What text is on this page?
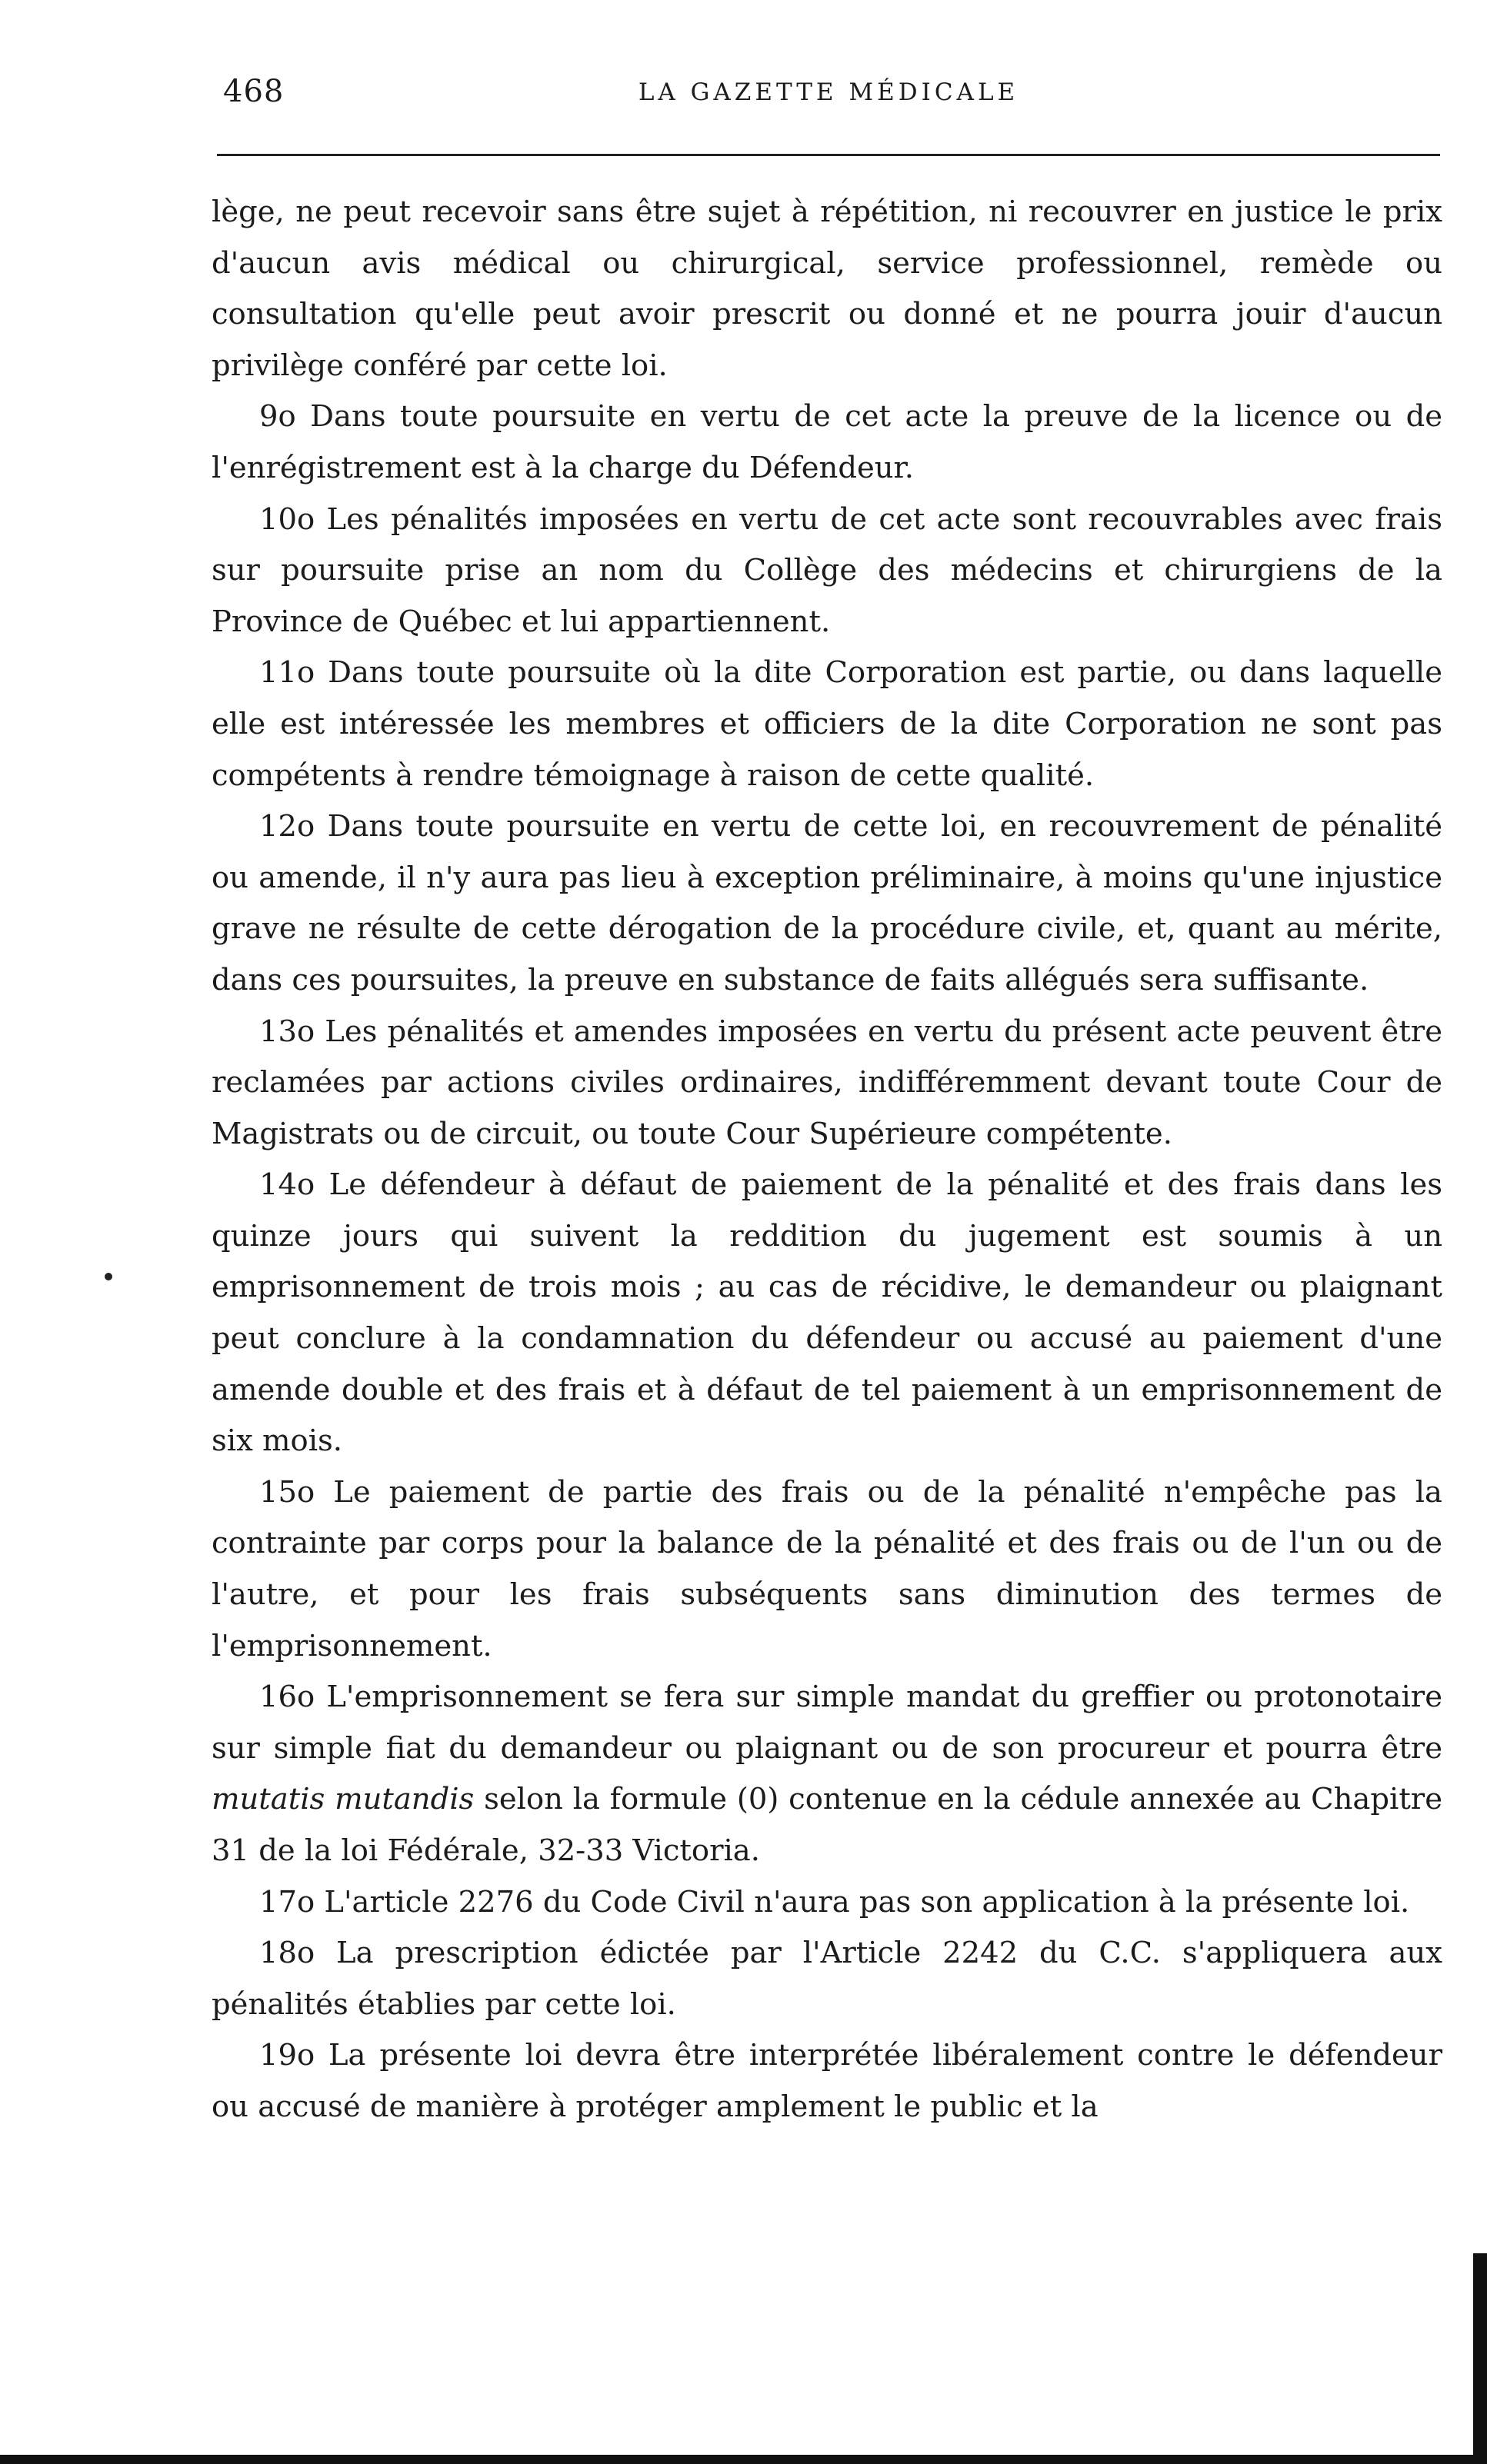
468	LA GAZETTE MÉDICALE

lège, ne peut recevoir sans être sujet à répétition, ni recouvrer en justice le prix d'aucun avis médical ou chirurgical, service professionnel, remède ou consultation qu'elle peut avoir prescrit ou donné et ne pourra jouir d'aucun privilège conféré par cette loi.

9o Dans toute poursuite en vertu de cet acte la preuve de la licence ou de l'enrégistrement est à la charge du Défendeur.

10o Les pénalités imposées en vertu de cet acte sont recouvrables avec frais sur poursuite prise an nom du Collège des médecins et chirurgiens de la Province de Québec et lui appartiennent.

11o Dans toute poursuite où la dite Corporation est partie, ou dans laquelle elle est intéressée les membres et officiers de la dite Corporation ne sont pas compétents à rendre témoignage à raison de cette qualité.

12o Dans toute poursuite en vertu de cette loi, en recouvrement de pénalité ou amende, il n'y aura pas lieu à exception préliminaire, à moins qu'une injustice grave ne résulte de cette dérogation de la procédure civile, et, quant au mérite, dans ces poursuites, la preuve en substance de faits allégués sera suffisante.

13o Les pénalités et amendes imposées en vertu du présent acte peuvent être reclamées par actions civiles ordinaires, indifféremment devant toute Cour de Magistrats ou de circuit, ou toute Cour Supérieure compétente.

14o Le défendeur à défaut de paiement de la pénalité et des frais dans les quinze jours qui suivent la reddition du jugement est soumis à un emprisonnement de trois mois ; au cas de récidive, le demandeur ou plaignant peut conclure à la condamnation du défendeur ou accusé au paiement d'une amende double et des frais et à défaut de tel paiement à un emprisonnement de six mois.

15o Le paiement de partie des frais ou de la pénalité n'empêche pas la contrainte par corps pour la balance de la pénalité et des frais ou de l'un ou de l'autre, et pour les frais subséquents sans diminution des termes de l'emprisonnement.

16o L'emprisonnement se fera sur simple mandat du greffier ou protonotaire sur simple fiat du demandeur ou plaignant ou de son procureur et pourra être mutatis mutandis selon la formule (0) contenue en la cédule annexée au Chapitre 31 de la loi Fédérale, 32-33 Victoria.

17o L'article 2276 du Code Civil n'aura pas son application à la présente loi.

18o La prescription édictée par l'Article 2242 du C.C. s'appliquera aux pénalités établies par cette loi.

19o La présente loi devra être interprétée libéralement contre le défendeur ou accusé de manière à protéger amplement le public et la
